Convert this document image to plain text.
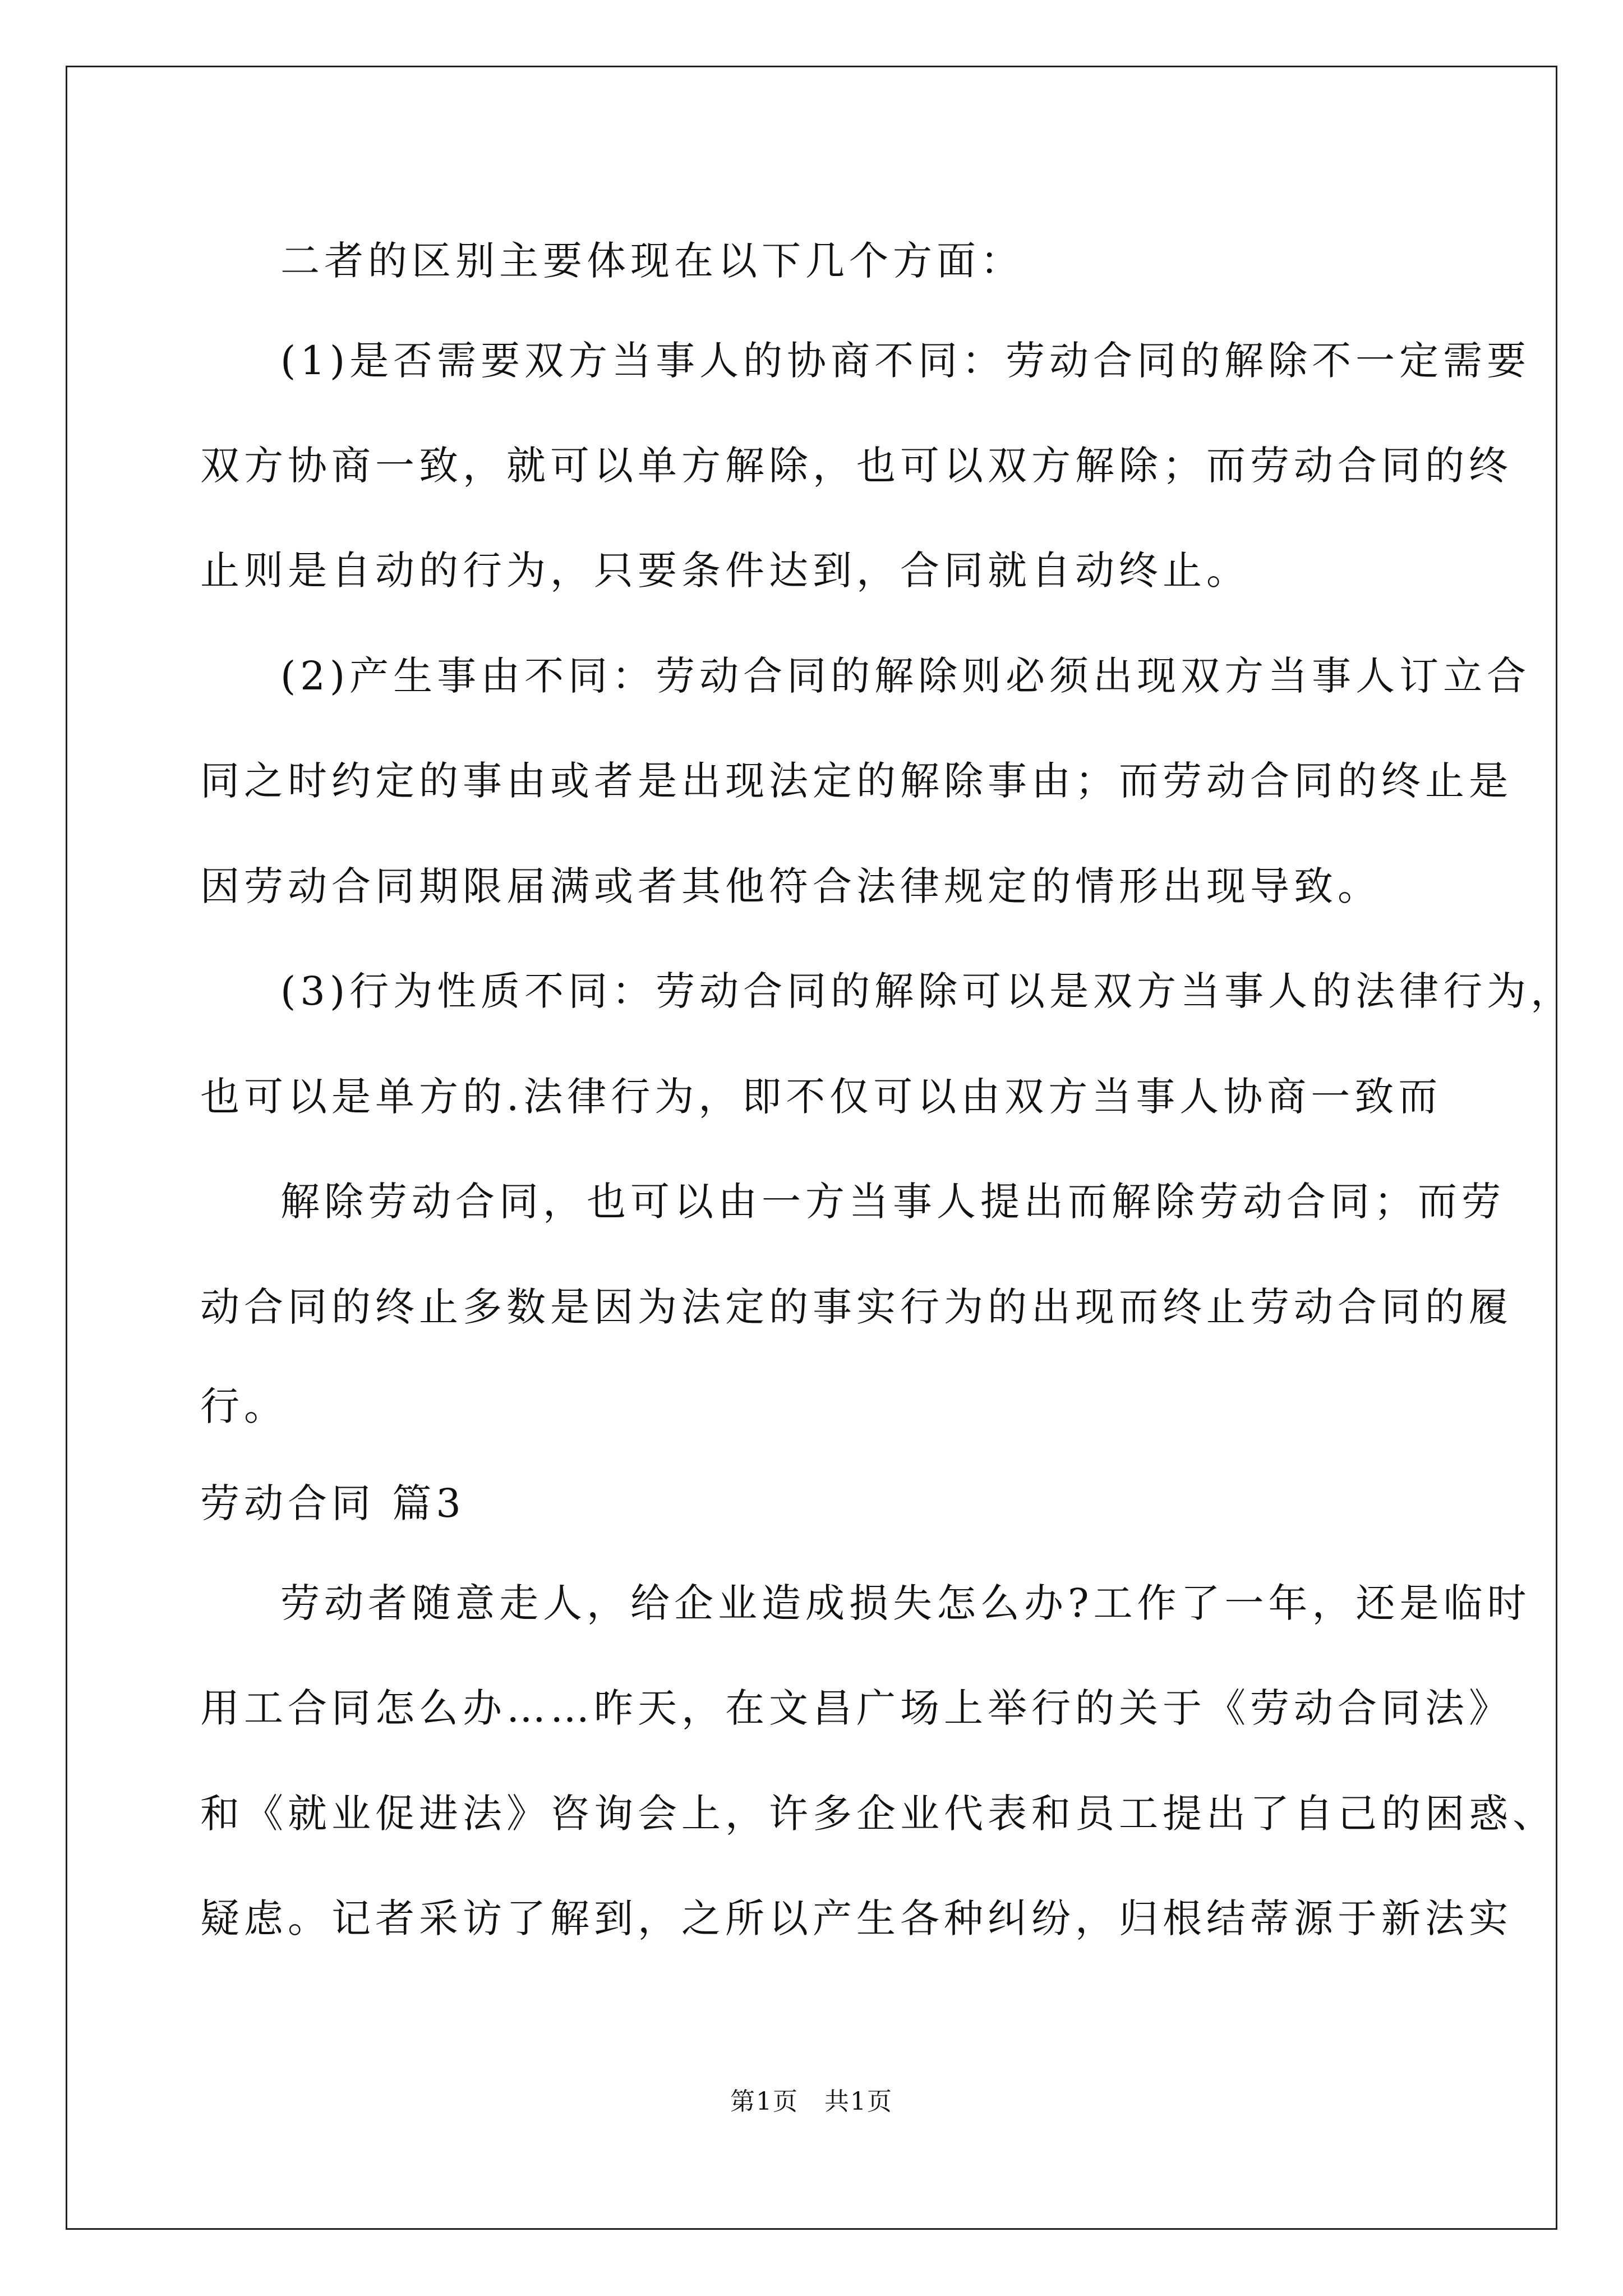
二者的区别主要体现在以下几个方面：
(1)是否需要双方当事人的协商不同：劳动合同的解除不一定需要
双方协商一致，就可以单方解除，也可以双方解除；而劳动合同的终
止则是自动的行为，只要条件达到，合同就自动终止。
(2)产生事由不同：劳动合同的解除则必须出现双方当事人订立合
同之时约定的事由或者是出现法定的解除事由；而劳动合同的终止是
因劳动合同期限届满或者其他符合法律规定的情形出现导致。
(3)行为性质不同：劳动合同的解除可以是双方当事人的法律行为，
也可以是单方的.法律行为，即不仅可以由双方当事人协商一致而
解除劳动合同，也可以由一方当事人提出而解除劳动合同；而劳
动合同的终止多数是因为法定的事实行为的出现而终止劳动合同的履
行。
劳动合同 篇3
劳动者随意走人，给企业造成损失怎么办?工作了一年，还是临时
用工合同怎么办……昨天，在文昌广场上举行的关于《劳动合同法》
和《就业促进法》咨询会上，许多企业代表和员工提出了自己的困惑、
疑虑。记者采访了解到，之所以产生各种纠纷，归根结蒂源于新法实
第1页　共1页
